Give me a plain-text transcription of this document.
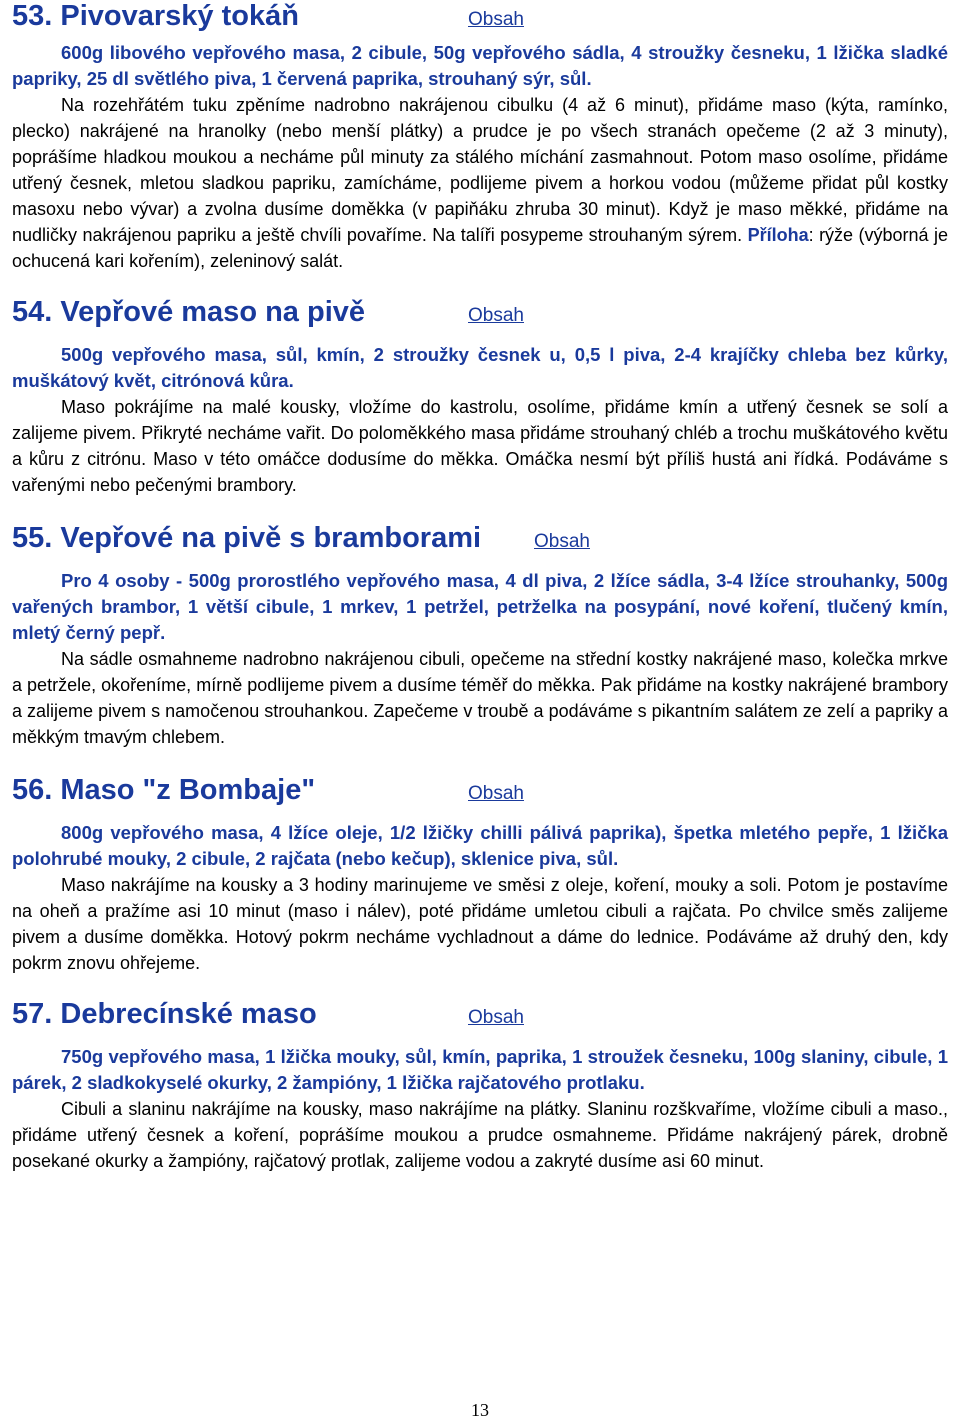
53. Pivovarský tokáň	Obsah

600g libového vepřového masa, 2 cibule, 50g vepřového sádla, 4 stroužky česneku, 1 lžička sladké papriky, 25 dl světlého piva, 1 červená paprika, strouhaný sýr, sůl.

Na rozehřátém tuku zpěníme nadrobno nakrájenou cibulku (4 až 6 minut), přidáme maso (kýta, ramínko, plecko) nakrájené na hranolky (nebo menší plátky) a prudce je po všech stranách opečeme (2 až 3 minuty), poprášíme hladkou moukou a necháme půl minuty za stálého míchání zasmahnout. Potom maso osolíme, přidáme utřený česnek, mletou sladkou papriku, zamícháme, podlijeme pivem a horkou vodou (můžeme přidat půl kostky masoxu nebo vývar) a zvolna dusíme doměkka (v papiňáku zhruba 30 minut). Když je maso měkké, přidáme na nudličky nakrájenou papriku a ještě chvíli povaříme. Na talíři posypeme strouhaným sýrem. Příloha: rýže (výborná je ochucená kari kořením), zeleninový salát.

54. Vepřové maso na pivě	Obsah

500g vepřového masa, sůl, kmín, 2 stroužky česnek u, 0,5 l piva, 2-4 krajíčky chleba bez kůrky, muškátový květ, citrónová kůra.

Maso pokrájíme na malé kousky, vložíme do kastrolu, osolíme, přidáme kmín a utřený česnek se solí a zalijeme pivem. Přikryté necháme vařit. Do poloměkkého masa přidáme strouhaný chléb a trochu muškátového květu a kůru z citrónu. Maso v této omáčce dodusíme do měkka. Omáčka nesmí být příliš hustá ani řídká. Podáváme s vařenými nebo pečenými brambory.

55. Vepřové na pivě s bramborami	Obsah

Pro 4 osoby - 500g prorostlého vepřového masa, 4 dl piva, 2 lžíce sádla, 3-4 lžíce strouhanky, 500g vařených brambor, 1 větší cibule, 1 mrkev, 1 petržel, petrželka na posypání, nové koření, tlučený kmín, mletý černý pepř.

Na sádle osmahneme nadrobno nakrájenou cibuli, opečeme na střední kostky nakrájené maso, kolečka mrkve a petržele, okořeníme, mírně podlijeme pivem a dusíme téměř do měkka. Pak přidáme na kostky nakrájené brambory a zalijeme pivem s namočenou strouhankou. Zapečeme v troubě a podáváme s pikantním salátem ze zelí a papriky a měkkým tmavým chlebem.

56. Maso "z Bombaje"	Obsah

800g vepřového masa, 4 lžíce oleje, 1/2 lžičky chilli pálivá paprika), špetka mletého pepře, 1 lžička polohrubé mouky, 2 cibule, 2 rajčata (nebo kečup), sklenice piva, sůl.

Maso nakrájíme na kousky a 3 hodiny marinujeme ve směsi z oleje, koření, mouky a soli. Potom je postavíme na oheň a pražíme asi 10 minut (maso i nálev), poté přidáme umletou cibuli a rajčata. Po chvilce směs zalijeme pivem a dusíme doměkka. Hotový pokrm necháme vychladnout a dáme do lednice. Podáváme až druhý den, kdy pokrm znovu ohřejeme.

57. Debrecínské maso	Obsah

750g vepřového masa, 1 lžička mouky, sůl, kmín, paprika, 1 stroužek česneku, 100g slaniny, cibule, 1 párek, 2 sladkokyselé okurky, 2 žampióny, 1 lžička rajčatového protlaku.

Cibuli a slaninu nakrájíme na kousky, maso nakrájíme na plátky. Slaninu rozškvaříme, vložíme cibuli a maso., přidáme utřený česnek a koření, poprášíme moukou a prudce osmahneme. Přidáme nakrájený párek, drobně posekané okurky a žampióny, rajčatový protlak, zalijeme vodou a zakryté dusíme asi 60 minut.

13
